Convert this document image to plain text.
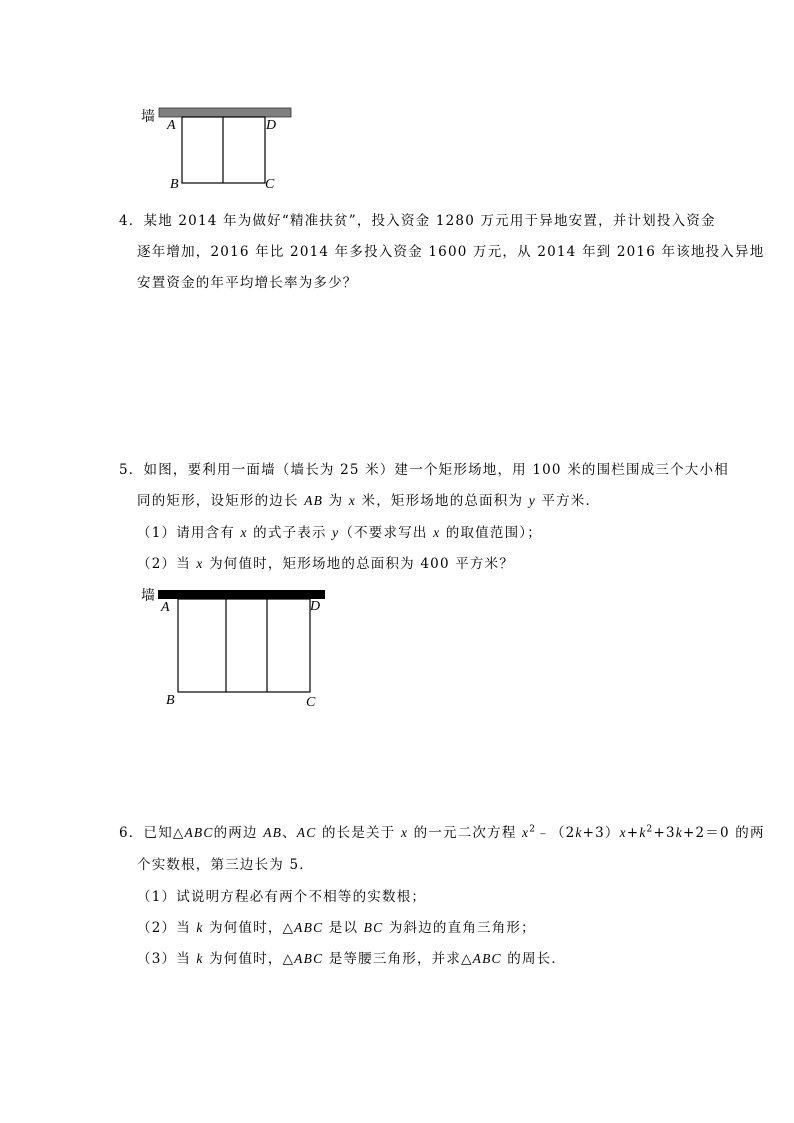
墙
A	D
B	C
4．某地 2014 年为做好“精准扶贫”，投入资金 1280 万元用于异地安置，并计划投入资金
逐年增加，2016 年比 2014 年多投入资金 1600 万元，从 2014 年到 2016 年该地投入异地
安置资金的年平均增长率为多少？
5．如图，要利用一面墙（墙长为 25 米）建一个矩形场地，用 100 米的围栏围成三个大小相
同的矩形，设矩形的边长 AB 为 x 米，矩形场地的总面积为 y 平方米．
（1）请用含有 x 的式子表示 y（不要求写出 x 的取值范围）；
（2）当 x 为何值时，矩形场地的总面积为 400 平方米？
墙
A	D
B	C
6．已知△ABC的两边 AB、AC 的长是关于 x 的一元二次方程 $x^2﹣(2k+3)x+k^2+3k+2=0$ 的两
个实数根，第三边长为 5．
（1）试说明方程必有两个不相等的实数根；
（2）当 k 为何值时，△ABC 是以 BC 为斜边的直角三角形；
（3）当 k 为何值时，△ABC 是等腰三角形，并求△ABC 的周长．
